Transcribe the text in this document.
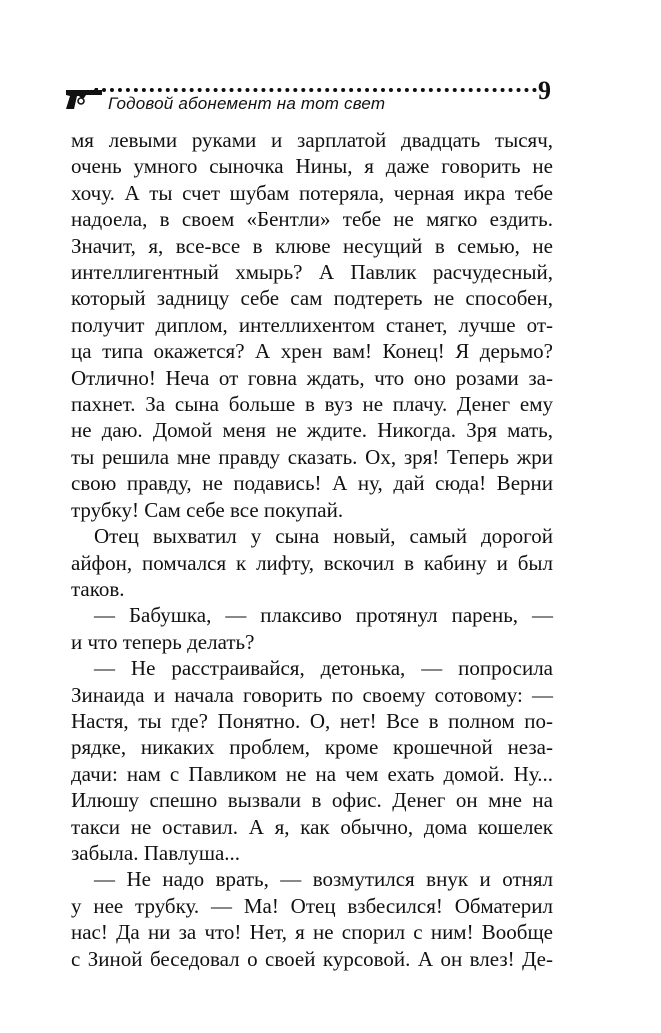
Годовой абонемент на тот свет	9

мя левыми руками и зарплатой двадцать тысяч,

очень умного сыночка Нины, я даже говорить не

хочу. А ты счет шубам потеряла, черная икра тебе

надоела, в своем «Бентли» тебе не мягко ездить.

Значит, я, все-все в клюве несущий в семью, не

интеллигентный хмырь? А Павлик расчудесный,

который задницу себе сам подтереть не способен,

получит диплом, интеллихентом станет, лучше от-

ца типа окажется? А хрен вам! Конец! Я дерьмо?

Отлично! Неча от говна ждать, что оно розами за-

пахнет. За сына больше в вуз не плачу. Денег ему

не даю. Домой меня не ждите. Никогда. Зря мать,

ты решила мне правду сказать. Ох, зря! Теперь жри

свою правду, не подавись! А ну, дай сюда! Верни

трубку! Сам себе все покупай.

Отец выхватил у сына новый, самый дорогой

айфон, помчался к лифту, вскочил в кабину и был

таков.

— Бабушка, — плаксиво протянул парень, —

и что теперь делать?

— Не расстраивайся, детонька, — попросила

Зинаида и начала говорить по своему сотовому: —

Настя, ты где? Понятно. О, нет! Все в полном по-

рядке, никаких проблем, кроме крошечной неза-

дачи: нам с Павликом не на чем ехать домой. Ну...

Илюшу спешно вызвали в офис. Денег он мне на

такси не оставил. А я, как обычно, дома кошелек

забыла. Павлуша...

— Не надо врать, — возмутился внук и отнял

у нее трубку. — Ма! Отец взбесился! Обматерил

нас! Да ни за что! Нет, я не спорил с ним! Вообще

с Зиной беседовал о своей курсовой. А он влез! Де-
